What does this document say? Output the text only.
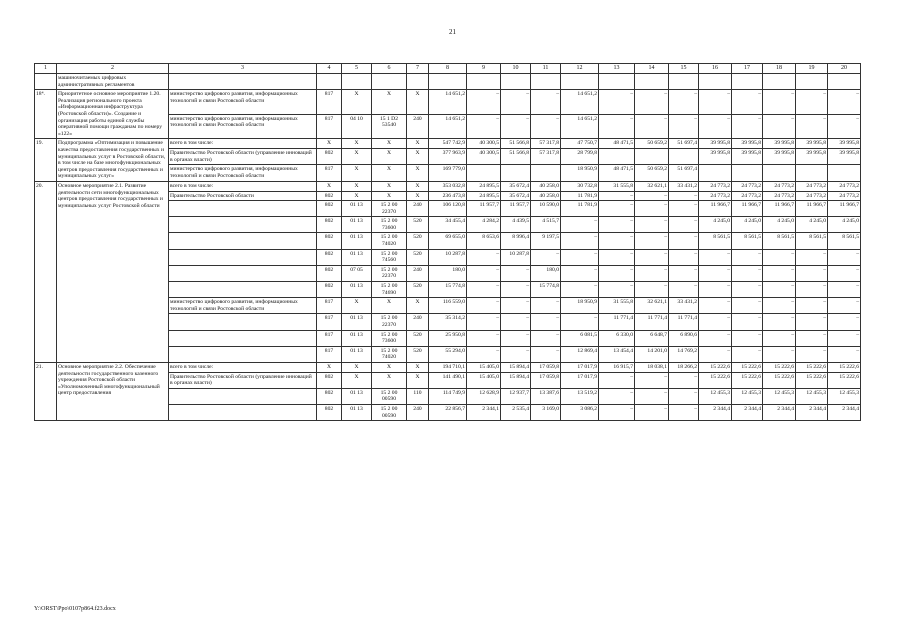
21
1	2	3	4	5	6	7	8	9	10	11	12	13	14	15	16	17	18	19	20
	машиночитаемых цифровых административных регламентов																		
18⁴.	Приоритетное основное мероприятие 1.20. Реализация регионального проекта «Информационная инфраструктура (Ростовской области)». Создание и организация работы единой службы оперативной помощи гражданам по номеру «122»	министерство цифрового развития, информационных технологий и связи Ростовской области	817	X	X	X	14 651,2	–	–	–	14 651,2	–	–	–	–	–	–	–	–
		министерство цифрового развития, информационных технологий и связи Ростовской области	817	04 10	15 1 D2 53540	240	14 651,2	–	–	–	14 651,2	–	–	–	–	–	–	–	–
19.	Подпрограмма «Оптимизация и повышение качества предоставления государственных и муниципальных услуг в Ростовской области, в том числе на базе многофункциональных центров предоставления государственных и муниципальных услуг»	всего в том числе:	X	X	X	X	547 742,9	40 300,5	51 566,8	57 317,8	47 750,7	48 471,5	50 659,2	51 697,4	39 995,8	39 995,8	39 995,8	39 995,8	39 995,8
		Правительство Ростовской области (управление инноваций в органах власти)	802	X	X	X	377 963,9	40 300,5	51 566,8	57 317,8	28 799,8				39 995,8	39 995,8	39 995,8	39 995,8	39 995,8
		министерство цифрового развития, информационных технологий и связи Ростовской области	817	X	X	X	169 779,0				18 950,9	48 471,5	50 659,2	51 697,4					
20.	Основное мероприятие 2.1. Развитие деятельности сети многофункциональных центров предоставления государственных и муниципальных услуг Ростовской области	всего в том числе:	X	X	X	X	353 032,8	24 895,5	35 672,4	40 258,0	30 732,8	31 555,8	32 621,1	33 431,2	24 773,2	24 773,2	24 773,2	24 773,2	24 773,2
		Правительство Ростовской области	802	X	X	X	236 473,8	24 895,5	35 672,4	40 258,0	11 781,9	–	–	–	24 773,2	24 773,2	24 773,2	24 773,2	24 773,2
			802	01 13	15 2 00 22370	240	106 120,8	11 957,7	11 957,7	10 590,0	11 781,9	–	–	–	11 966,7	11 966,7	11 966,7	11 966,7	11 966,7
			802	01 13	15 2 00 73600	520	34 455,4	4 284,2	4 439,5	4 515,7	–	–	–	–	4 245,0	4 245,0	4 245,0	4 245,0	4 245,0
			802	01 13	15 2 00 74020	520	69 655,0	8 653,6	8 996,4	9 197,5	–	–	–	–	8 561,5	8 561,5	8 561,5	8 561,5	8 561,5
			802	01 13	15 2 00 74560	520	10 287,8	–	10 287,8	–	–	–	–	–	–	–	–	–	–
			802	07 05	15 2 00 22370	240	180,0	–	–	180,0	–	–	–	–	–	–	–	–	–
			802	01 13	15 2 00 74690	520	15 774,8	–	–	15 774,8	–	–	–	–	–	–	–	–	–
		министерство цифрового развития, информационных технологий и связи Ростовской области	817	X	X	X	116 559,0	–	–	–	18 950,9	31 555,8	32 621,1	33 431,2	–	–	–	–	–
			817	01 13	15 2 00 22370	240	35 314,2	–	–	–	–	11 771,4	11 771,4	11 771,4	–	–	–	–	–
			817	01 13	15 2 00 73600	520	25 950,8	–	–	–	6 081,5	6 330,0	6 648,7	6 890,6	–	–	–	–	–
			817	01 13	15 2 00 74020	520	55 294,0	–	–	–	12 869,4	13 454,4	14 201,0	14 769,2	–	–	–	–	–
21.	Основное мероприятие 2.2. Обеспечение деятельности государственного казенного учреждения Ростовской области «Уполномоченный многофункциональный центр предоставления	всего в том числе:	X	X	X	X	194 710,1	15 405,0	15 894,4	17 059,8	17 017,9	16 915,7	18 038,1	18 266,2	15 222,6	15 222,6	15 222,6	15 222,6	15 222,6
		Правительство Ростовской области (управление инноваций в органах власти)	802	X	X	X	141 490,1	15 405,0	15 894,4	17 059,8	17 017,9	–	–	–	15 222,6	15 222,6	15 222,6	15 222,6	15 222,6
			802	01 13	15 2 00 00590	110	114 749,9	12 628,9	12 937,7	13 387,6	13 519,2	–	–	–	12 455,3	12 455,3	12 455,3	12 455,3	12 455,3
			802	01 13	15 2 00 00590	240	22 856,7	2 344,1	2 535,4	3 169,0	3 086,2	–	–	–	2 344,4	2 344,4	2 344,4	2 344,4	2 344,4
Y:\ORST\Ppo\0107p864.f23.docx
